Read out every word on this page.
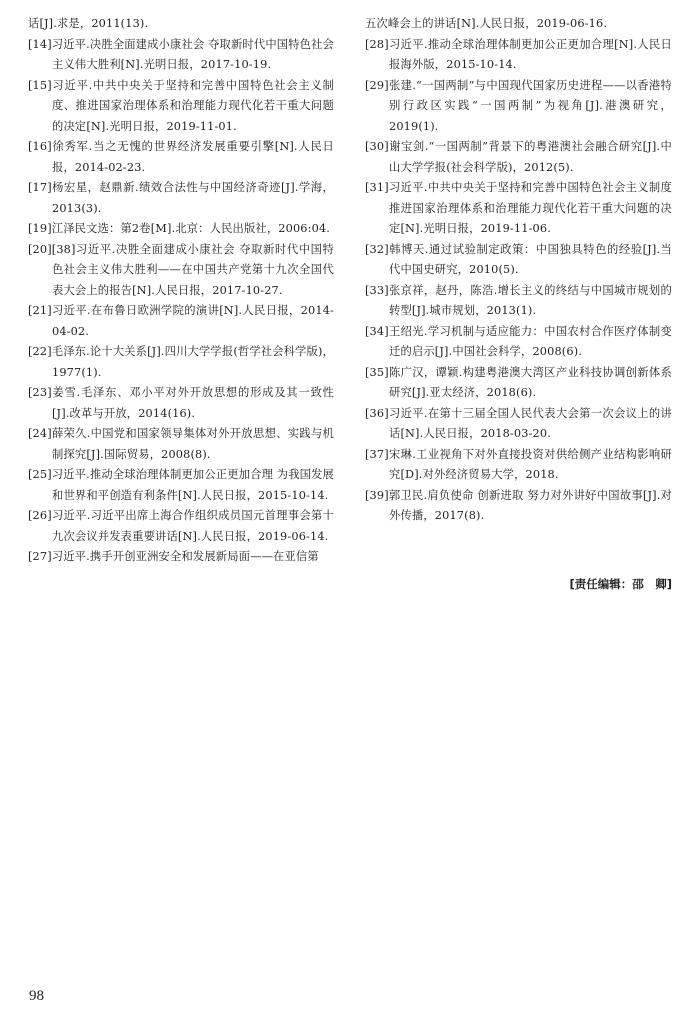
话[J].求是，2011(13).
[14]习近平.决胜全面建成小康社会 夺取新时代中国特色社会主义伟大胜利[N].光明日报，2017-10-19.
[15]习近平.中共中央关于坚持和完善中国特色社会主义制度、推进国家治理体系和治理能力现代化若干重大问题的决定[N].光明日报，2019-11-01.
[16]徐秀军.当之无愧的世界经济发展重要引擎[N].人民日报，2014-02-23.
[17]杨宏星，赵鼎新.绩效合法性与中国经济奇迹[J].学海，2013(3).
[19]江泽民文选：第2卷[M].北京：人民出版社，2006:04.
[20][38]习近平.决胜全面建成小康社会 夺取新时代中国特色社会主义伟大胜利——在中国共产党第十九次全国代表大会上的报告[N].人民日报，2017-10-27.
[21]习近平.在布鲁日欧洲学院的演讲[N].人民日报，2014-04-02.
[22]毛泽东.论十大关系[J].四川大学学报(哲学社会科学版)，1977(1).
[23]姜雪.毛泽东、邓小平对外开放思想的形成及其一致性[J].改革与开放，2014(16).
[24]薛荣久.中国党和国家领导集体对外开放思想、实践与机制探究[J].国际贸易，2008(8).
[25]习近平.推动全球治理体制更加公正更加合理 为我国发展和世界和平创造有利条件[N].人民日报，2015-10-14.
[26]习近平.习近平出席上海合作组织成员国元首理事会第十九次会议并发表重要讲话[N].人民日报，2019-06-14.
[27]习近平.携手开创亚洲安全和发展新局面——在亚信第
五次峰会上的讲话[N].人民日报，2019-06-16.
[28]习近平.推动全球治理体制更加公正更加合理[N].人民日报海外版，2015-10-14.
[29]张建.“一国两制”与中国现代国家历史进程——以香港特别行政区实践“一国两制”为视角[J].港澳研究，2019(1).
[30]谢宝剑.“一国两制”背景下的粤港澳社会融合研究[J].中山大学学报(社会科学版)，2012(5).
[31]习近平.中共中央关于坚持和完善中国特色社会主义制度 推进国家治理体系和治理能力现代化若干重大问题的决定[N].光明日报，2019-11-06.
[32]韩博天.通过试验制定政策：中国独具特色的经验[J].当代中国史研究，2010(5).
[33]张京祥，赵丹，陈浩.增长主义的终结与中国城市规划的转型[J].城市规划，2013(1).
[34]王绍光.学习机制与适应能力：中国农村合作医疗体制变迁的启示[J].中国社会科学，2008(6).
[35]陈广汉，谭颖.构建粤港澳大湾区产业科技协调创新体系研究[J].亚太经济，2018(6).
[36]习近平.在第十三届全国人民代表大会第一次会议上的讲话[N].人民日报，2018-03-20.
[37]宋琳.工业视角下对外直接投资对供给侧产业结构影响研究[D].对外经济贸易大学，2018.
[39]郭卫民.肩负使命 创新进取 努力对外讲好中国故事[J].对外传播，2017(8).
[责任编辑：邵　卿]
98
